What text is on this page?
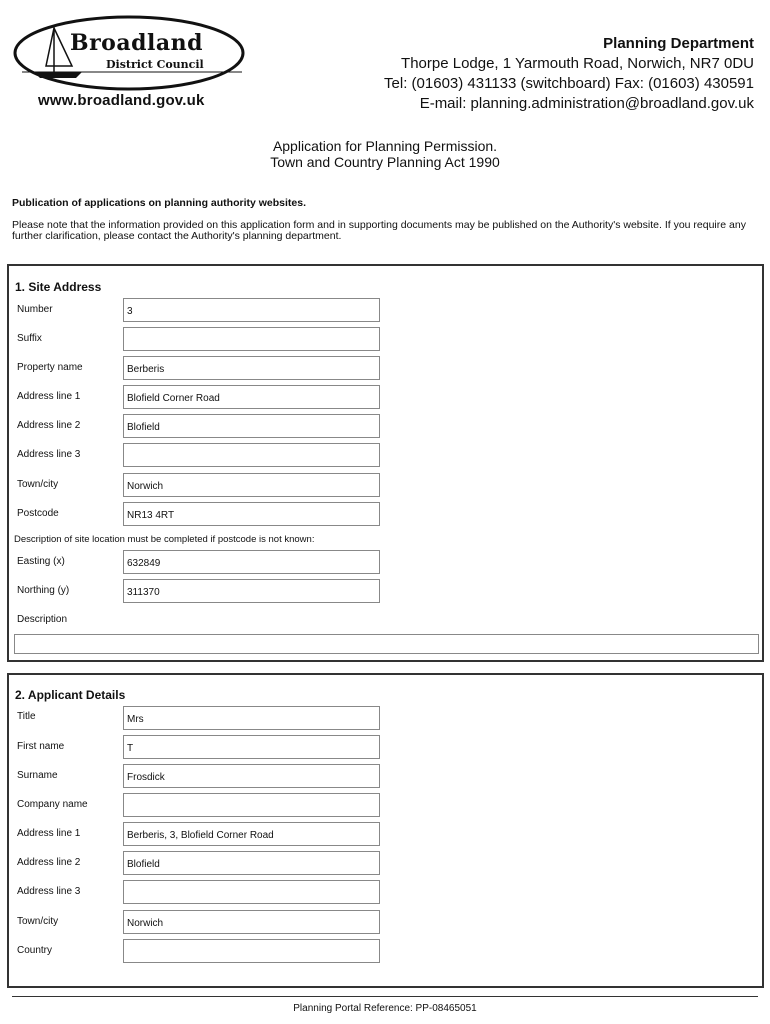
Broadland
District Council
www.broadland.gov.uk
Planning Department
Thorpe Lodge, 1 Yarmouth Road, Norwich, NR7 0DU
Tel: (01603) 431133 (switchboard) Fax: (01603) 430591
E-mail: planning.administration@broadland.gov.uk
Application for Planning Permission.
Town and Country Planning Act 1990
Publication of applications on planning authority websites.
Please note that the information provided on this application form and in supporting documents may be published on the Authority's website. If you require any further clarification, please contact the Authority's planning department.
1. Site Address
Number	3
Suffix
Property name	Berberis
Address line 1	Blofield Corner Road
Address line 2	Blofield
Address line 3
Town/city	Norwich
Postcode	NR13 4RT
Description of site location must be completed if postcode is not known:
Easting (x)	632849
Northing (y)	311370
Description
2. Applicant Details
Title	Mrs
First name	T
Surname	Frosdick
Company name
Address line 1	Berberis, 3, Blofield Corner Road
Address line 2	Blofield
Address line 3
Town/city	Norwich
Country
Planning Portal Reference: PP-08465051
